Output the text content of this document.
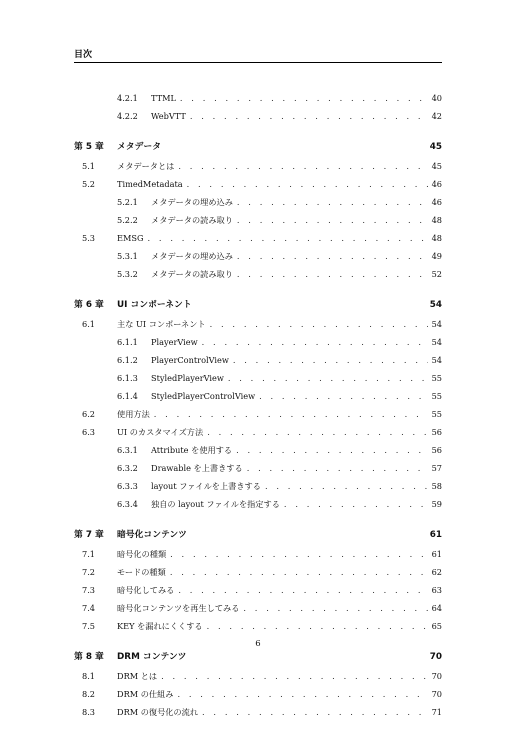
目次
4.2.1	TTML . . .	40
4.2.2	WebVTT . . .	42
第 5 章	メタデータ	45
5.1	メタデータとは . . .	45
5.2	TimedMetadata . . .	46
5.2.1	メタデータの埋め込み . . .	46
5.2.2	メタデータの読み取り . . .	48
5.3	EMSG . . .	48
5.3.1	メタデータの埋め込み . . .	49
5.3.2	メタデータの読み取り . . .	52
第 6 章	UI コンポーネント	54
6.1	主な UI コンポーネント . . .	54
6.1.1	PlayerView . . .	54
6.1.2	PlayerControlView . . .	54
6.1.3	StyledPlayerView . . .	55
6.1.4	StyledPlayerControlView . . .	55
6.2	使用方法 . . .	55
6.3	UI のカスタマイズ方法 . . .	56
6.3.1	Attribute を使用する . . .	56
6.3.2	Drawable を上書きする . . .	57
6.3.3	layout ファイルを上書きする . . .	58
6.3.4	独自の layout ファイルを指定する . . .	59
第 7 章	暗号化コンテンツ	61
7.1	暗号化の種類 . . .	61
7.2	モードの種類 . . .	62
7.3	暗号化してみる . . .	63
7.4	暗号化コンテンツを再生してみる . . .	64
7.5	KEY を漏れにくくする . . .	65
第 8 章	DRM コンテンツ	70
8.1	DRM とは . . .	70
8.2	DRM の仕組み . . .	70
8.3	DRM の復号化の流れ . . .	71
6
